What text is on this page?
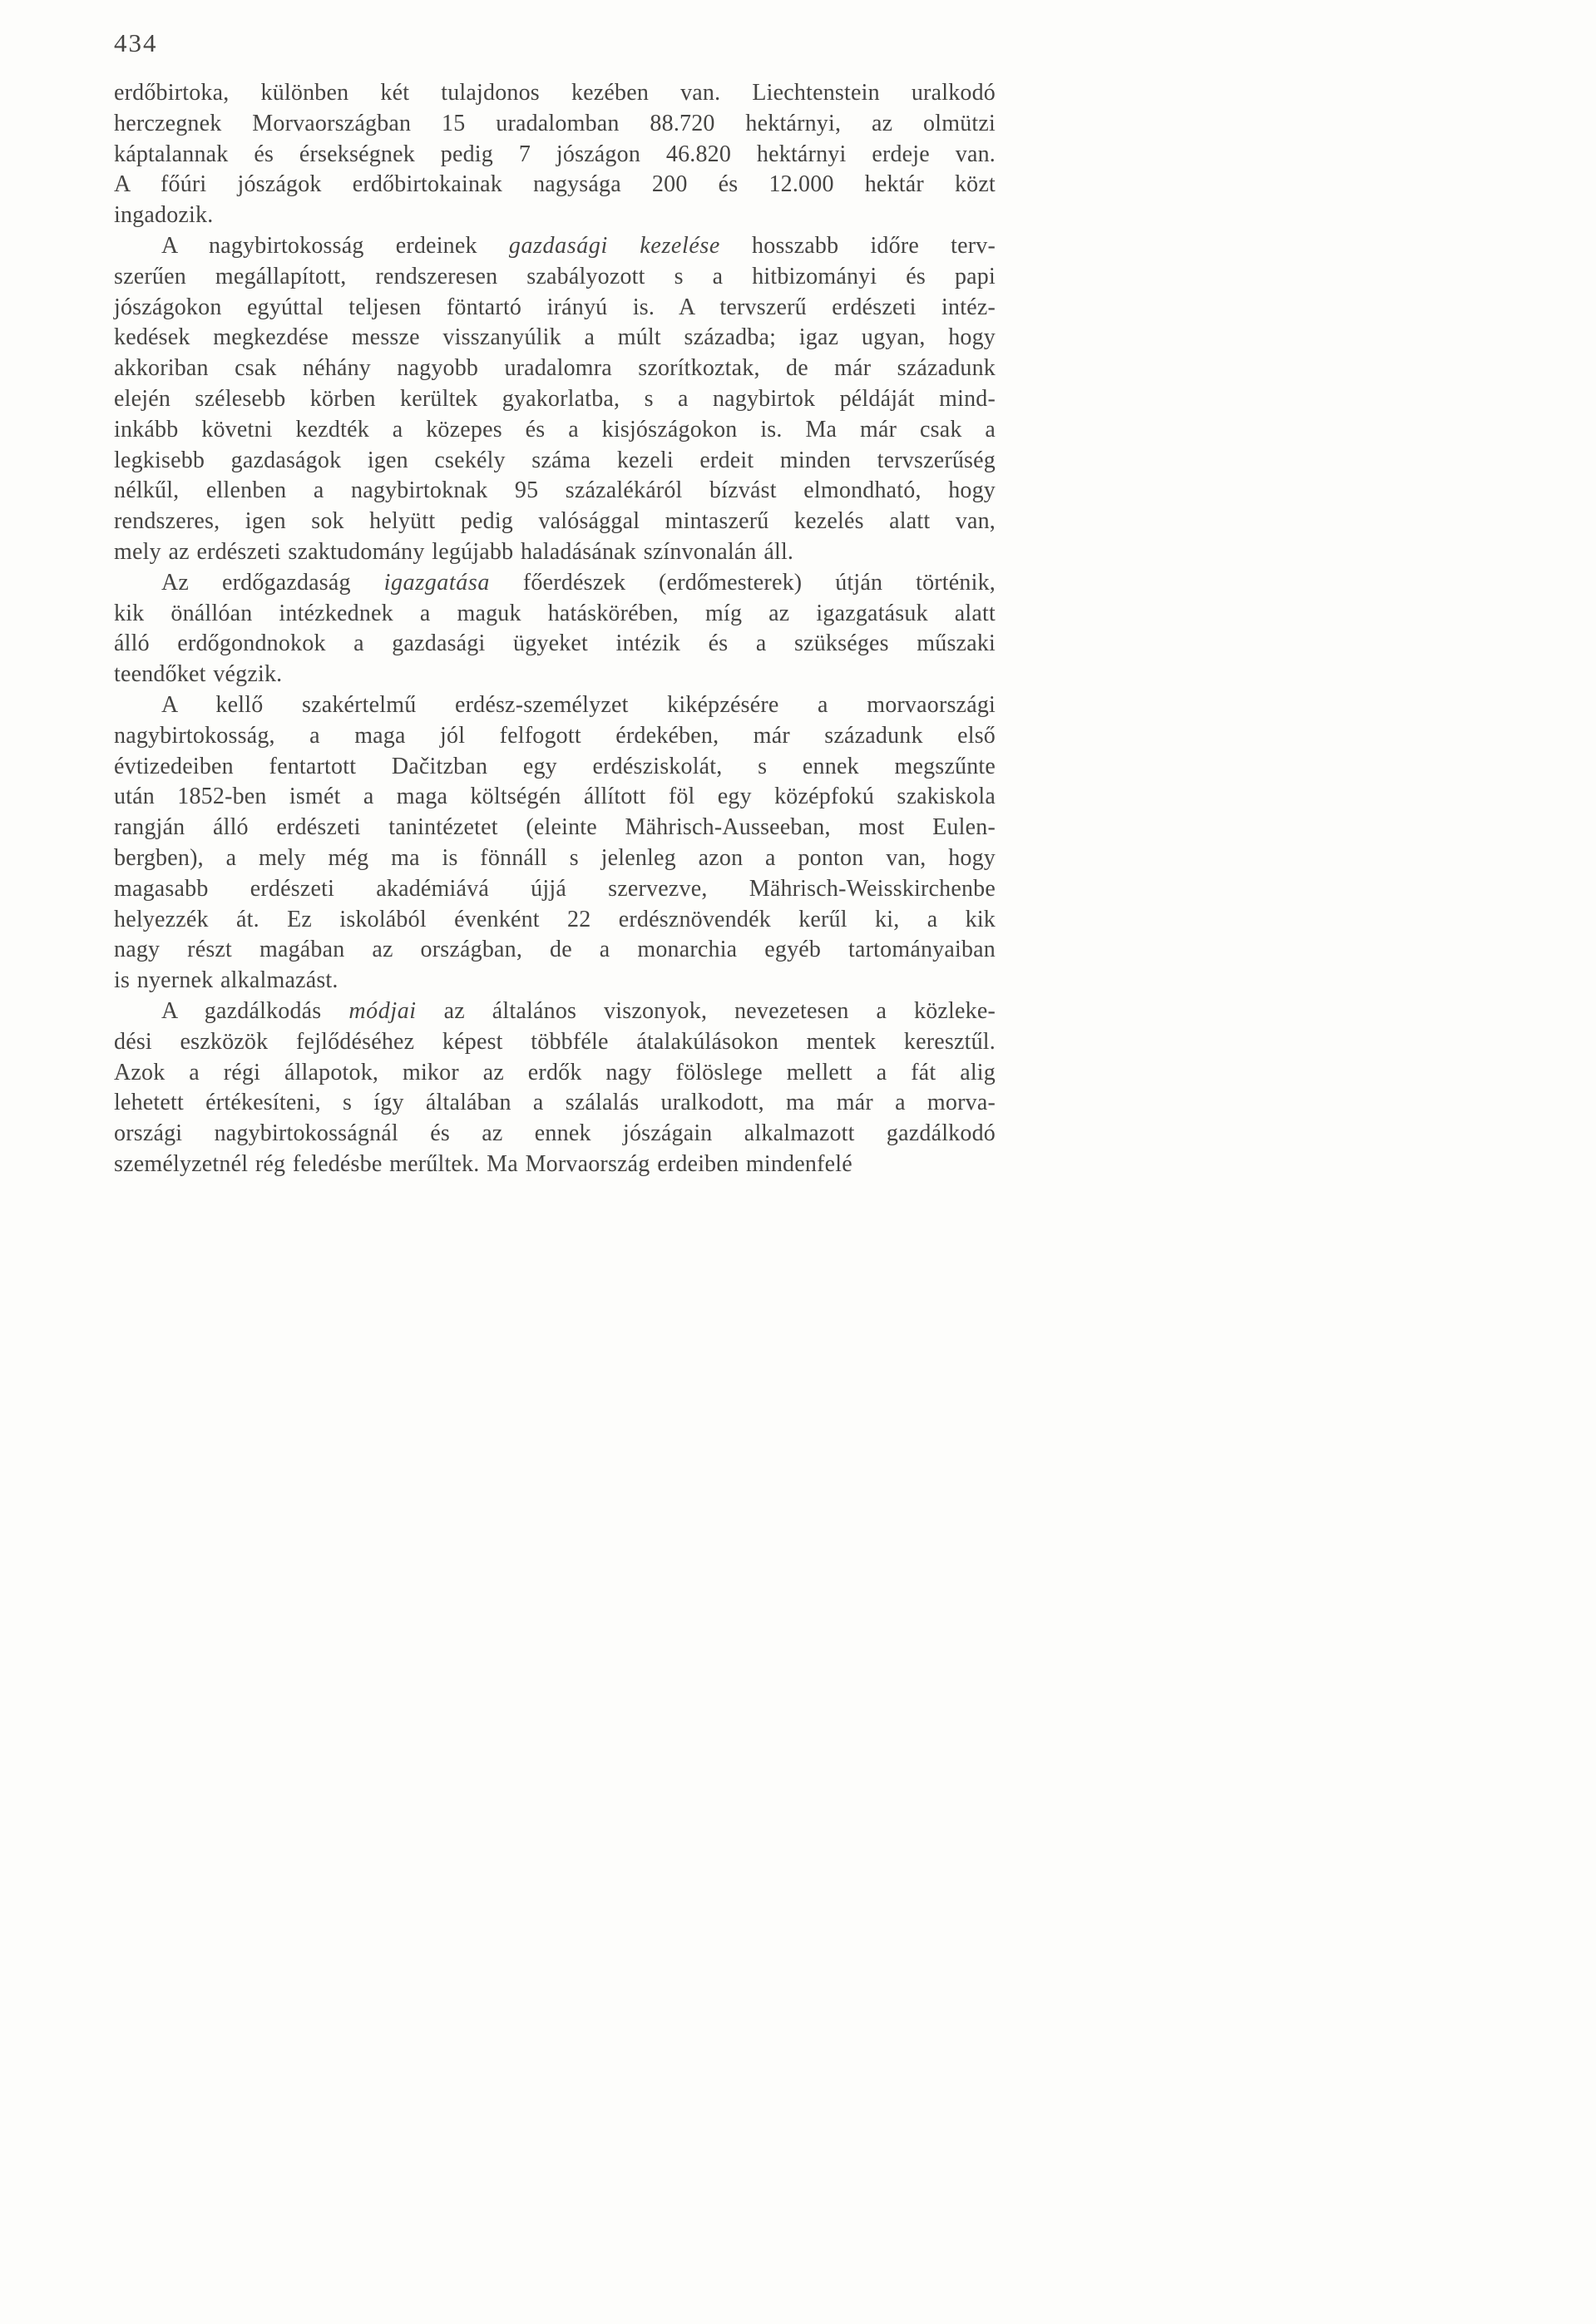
434
erdőbirtoka, különben két tulajdonos kezében van. Liechtenstein uralkodó
herczegnek Morvaországban 15 uradalomban 88.720 hektárnyi, az olmützi
káptalannak és érsekségnek pedig 7 jószágon 46.820 hektárnyi erdeje van.
A főúri jószágok erdőbirtokainak nagysága 200 és 12.000 hektár közt
ingadozik.
A nagybirtokosság erdeinek gazdasági kezelése hosszabb időre terv-
szerűen megállapított, rendszeresen szabályozott s a hitbizományi és papi
jószágokon egyúttal teljesen föntartó irányú is. A tervszerű erdészeti intéz-
kedések megkezdése messze visszanyúlik a múlt századba; igaz ugyan, hogy
akkoriban csak néhány nagyobb uradalomra szorítkoztak, de már századunk
elején szélesebb körben kerültek gyakorlatba, s a nagybirtok példáját mind-
inkább követni kezdték a közepes és a kisjószágokon is. Ma már csak a
legkisebb gazdaságok igen csekély száma kezeli erdeit minden tervszerűség
nélkűl, ellenben a nagybirtoknak 95 százalékáról bízvást elmondható, hogy
rendszeres, igen sok helyütt pedig valósággal mintaszerű kezelés alatt van,
mely az erdészeti szaktudomány legújabb haladásának színvonalán áll.
Az erdőgazdaság igazgatása főerdészek (erdőmesterek) útján történik,
kik önállóan intézkednek a maguk hatáskörében, míg az igazgatásuk alatt
álló erdőgondnokok a gazdasági ügyeket intézik és a szükséges műszaki
teendőket végzik.
A kellő szakértelmű erdész-személyzet kiképzésére a morvaországi
nagybirtokosság, a maga jól felfogott érdekében, már századunk első
évtizedeiben fentartott Dačitzban egy erdésziskolát, s ennek megszűnte
után 1852-ben ismét a maga költségén állított föl egy középfokú szakiskola
rangján álló erdészeti tanintézetet (eleinte Mährisch-Ausseeban, most Eulen-
bergben), a mely még ma is fönnáll s jelenleg azon a ponton van, hogy
magasabb erdészeti akadémiává újjá szervezve, Mährisch-Weisskirchenbe
helyezzék át. Ez iskolából évenként 22 erdésznövendék kerűl ki, a kik
nagy részt magában az országban, de a monarchia egyéb tartományaiban
is nyernek alkalmazást.
A gazdálkodás módjai az általános viszonyok, nevezetesen a közleke-
dési eszközök fejlődéséhez képest többféle átalakúlásokon mentek keresztűl.
Azok a régi állapotok, mikor az erdők nagy fölöslege mellett a fát alig
lehetett értékesíteni, s így általában a szálalás uralkodott, ma már a morva-
országi nagybirtokosságnál és az ennek jószágain alkalmazott gazdálkodó
személyzetnél rég feledésbe merűltek. Ma Morvaország erdeiben mindenfelé
